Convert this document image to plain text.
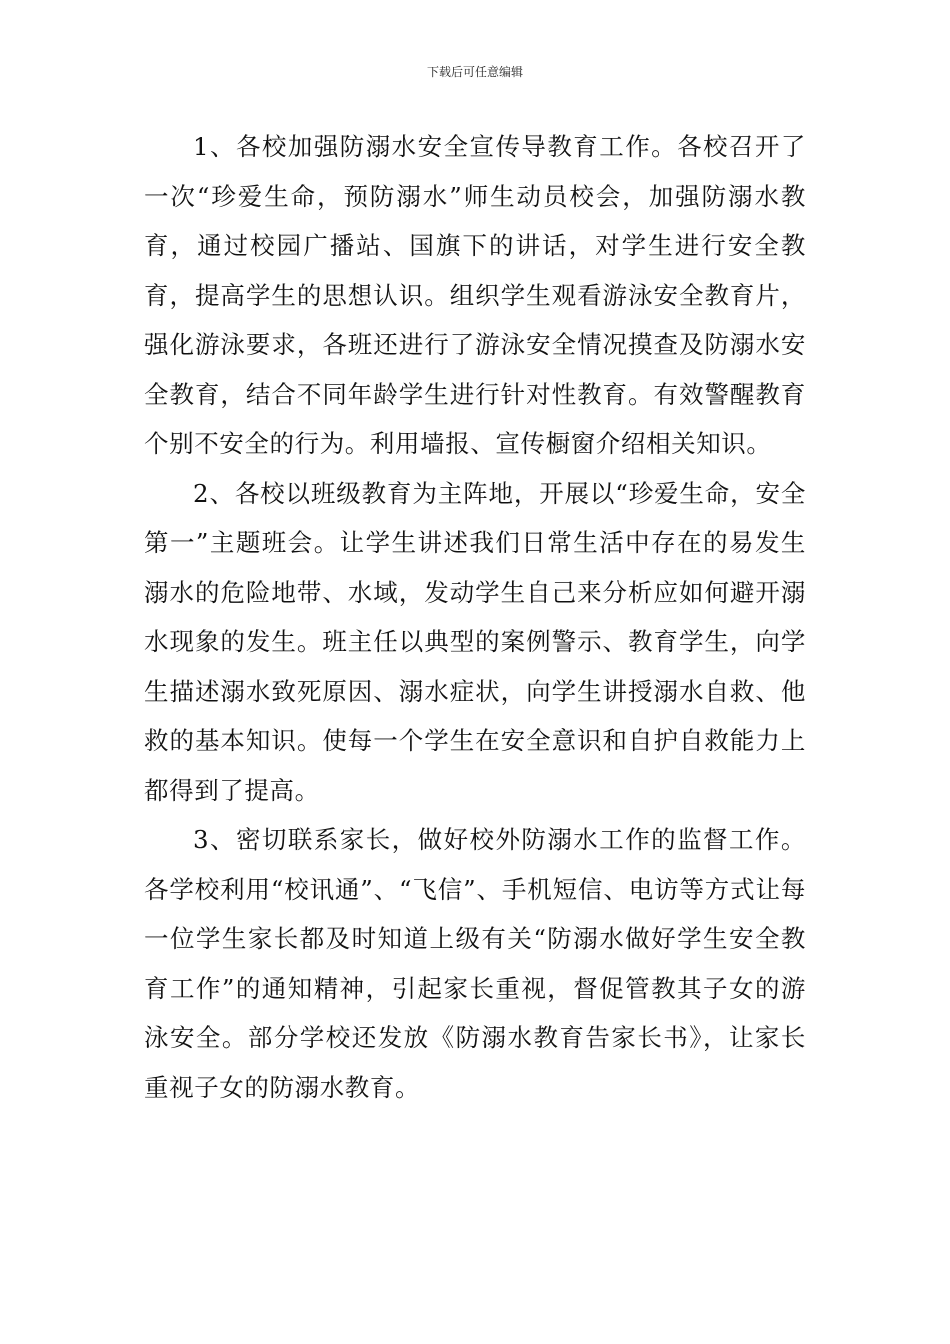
下载后可任意编辑

1、各校加强防溺水安全宣传导教育工作。各校召开了一次“珍爱生命，预防溺水”师生动员校会，加强防溺水教育，通过校园广播站、国旗下的讲话，对学生进行安全教育，提高学生的思想认识。组织学生观看游泳安全教育片，强化游泳要求，各班还进行了游泳安全情况摸查及防溺水安全教育，结合不同年龄学生进行针对性教育。有效警醒教育个别不安全的行为。利用墙报、宣传橱窗介绍相关知识。

2、各校以班级教育为主阵地，开展以“珍爱生命，安全第一”主题班会。让学生讲述我们日常生活中存在的易发生溺水的危险地带、水域，发动学生自己来分析应如何避开溺水现象的发生。班主任以典型的案例警示、教育学生，向学生描述溺水致死原因、溺水症状，向学生讲授溺水自救、他救的基本知识。使每一个学生在安全意识和自护自救能力上都得到了提高。

3、密切联系家长，做好校外防溺水工作的监督工作。各学校利用“校讯通”、“飞信”、手机短信、电访等方式让每一位学生家长都及时知道上级有关“防溺水做好学生安全教育工作”的通知精神，引起家长重视，督促管教其子女的游泳安全。部分学校还发放《防溺水教育告家长书》，让家长重视子女的防溺水教育。
